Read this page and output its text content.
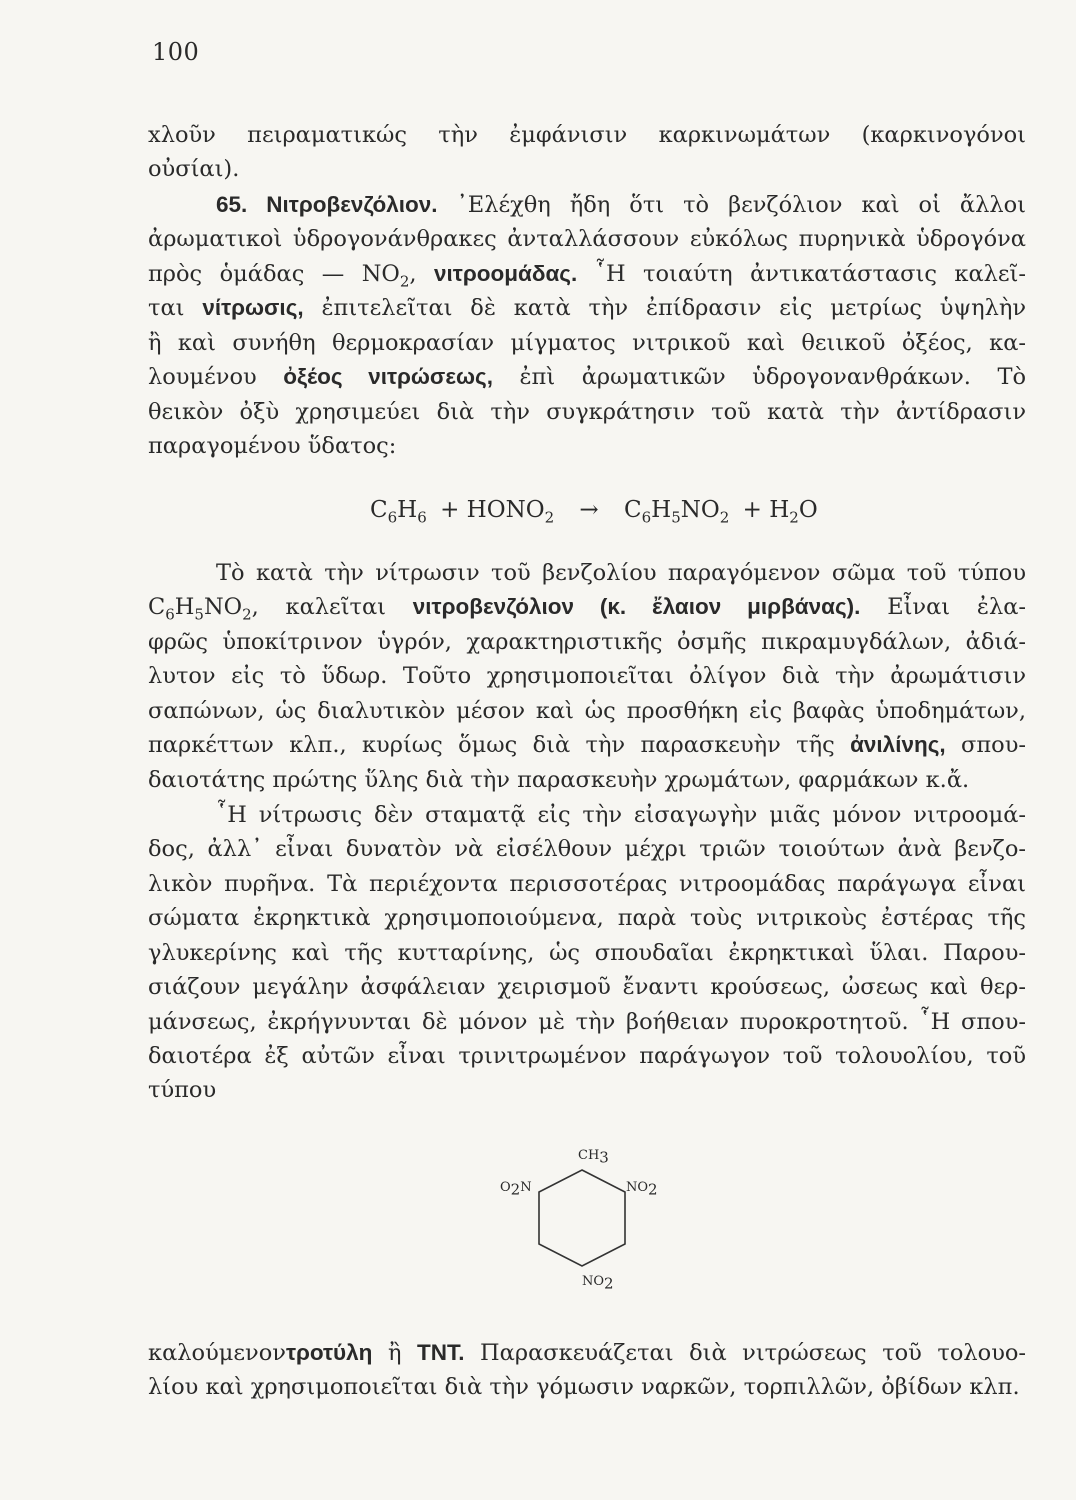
100
хλοῦν πειραματικώς τὴν ἐμφάνισιν καρκινωμάτων (καρκινογόνοι
οὐσίαι).
65. Νιτροβενζόλιον. ᾿Ελέχθη ἤδη ὅτι τὸ βενζόλιον καὶ οἱ ἄλλοι
ἀρωματικοὶ ὑδρογονάνθρακες ἀνταλλάσσουν εὐκόλως πυρηνικὰ ὑδρογόνα
πρὸς ὁμάδας — $NO_2$, νιτροομάδας. ῟Η τοιαύτη ἀντικατάστασις καλεῖ-
ται νίτρωσις, ἐπιτελεῖται δὲ κατὰ τὴν ἐπίδρασιν εἰς μετρίως ὑψηλὴν
ἢ καὶ συνήθη θερμοκρασίαν μίγματος νιτρικοῦ καὶ θειικοῦ ὀξέος, κα-
λουμένου ὀξέος νιτρώσεως, ἐπὶ ἀρωματικῶν ὑδρογονανθράκων. Τὸ
θεικὸν ὀξὺ χρησιμεύει διὰ τὴν συγκράτησιν τοῦ κατὰ τὴν ἀντίδρασιν
παραγομένου ὕδατος:
$C_6H_6$ + $HONO_2 \to C_6H_5NO_2 + H_2O$
Τὸ κατὰ τὴν νίτρωσιν τοῦ βενζολίου παραγόμενον σῶμα τοῦ τύπου
$C_6H_5NO_2$, καλεῖται νιτροβενζόλιον (κ. ἔλαιον μιρβάνας). Εἶναι ἐλα-
φρῶς ὑποκίτρινον ὑγρόν, χαρακτηριστικῆς ὀσμῆς πικραμυγδάλων, ἀδιά-
λυτον εἰς τὸ ὕδωρ. Τοῦτο χρησιμοποιεῖται ὀλίγον διὰ τὴν ἀρωμάτισιν
σαπώνων, ὡς διαλυτικὸν μέσον καὶ ὡς προσθήκη εἰς βαφὰς ὑποδημάτων,
παρκέττων κλπ., κυρίως ὅμως διὰ τὴν παρασκευὴν τῆς ἀνιλίνης, σπου-
δαιοτάτης πρώτης ὕλης διὰ τὴν παρασκευὴν χρωμάτων, φαρμάκων κ.ἄ.
῟Η νίτρωσις δὲν σταματᾷ εἰς τὴν εἰσαγωγὴν μιᾶς μόνον νιτροομά-
δος, ἀλλ᾿ εἶναι δυνατὸν νὰ εἰσέλθουν μέχρι τριῶν τοιούτων ἀνὰ βενζο-
λικὸν πυρῆνα. Τὰ περιέχοντα περισσοτέρας νιτροομάδας παράγωγα εἶναι
σώματα ἐκρηκτικὰ χρησιμοποιούμενα, παρὰ τοὺς νιτρικοὺς ἐστέρας τῆς
γλυκερίνης καὶ τῆς κυτταρίνης, ὡς σπουδαῖαι ἐκρηκτικαὶ ὕλαι. Παρου-
σιάζουν μεγάλην ἀσφάλειαν χειρισμοῦ ἔναντι κρούσεως, ὠσεως καὶ θερ-
μάνσεως, ἐκρήγνυνται δὲ μόνον μὲ τὴν βοήθειαν πυροκροτητοῦ. ῟Η σπου-
δαιοτέρα ἐξ αὐτῶν εἶναι τρινιτρωμένον παράγωγον τοῦ τολουολίου, τοῦ
τύπου
$CH_3$
$O_2N$	$NO_2$
$NO_2$
καλούμενοντροτύλη ἢ TNT. Παρασκευάζεται διὰ νιτρώσεως τοῦ τολουο-
λίου καὶ χρησιμοποιεῖται διὰ τὴν γόμωσιν ναρκῶν, τορπιλλῶν, ὀβίδων κλπ.
